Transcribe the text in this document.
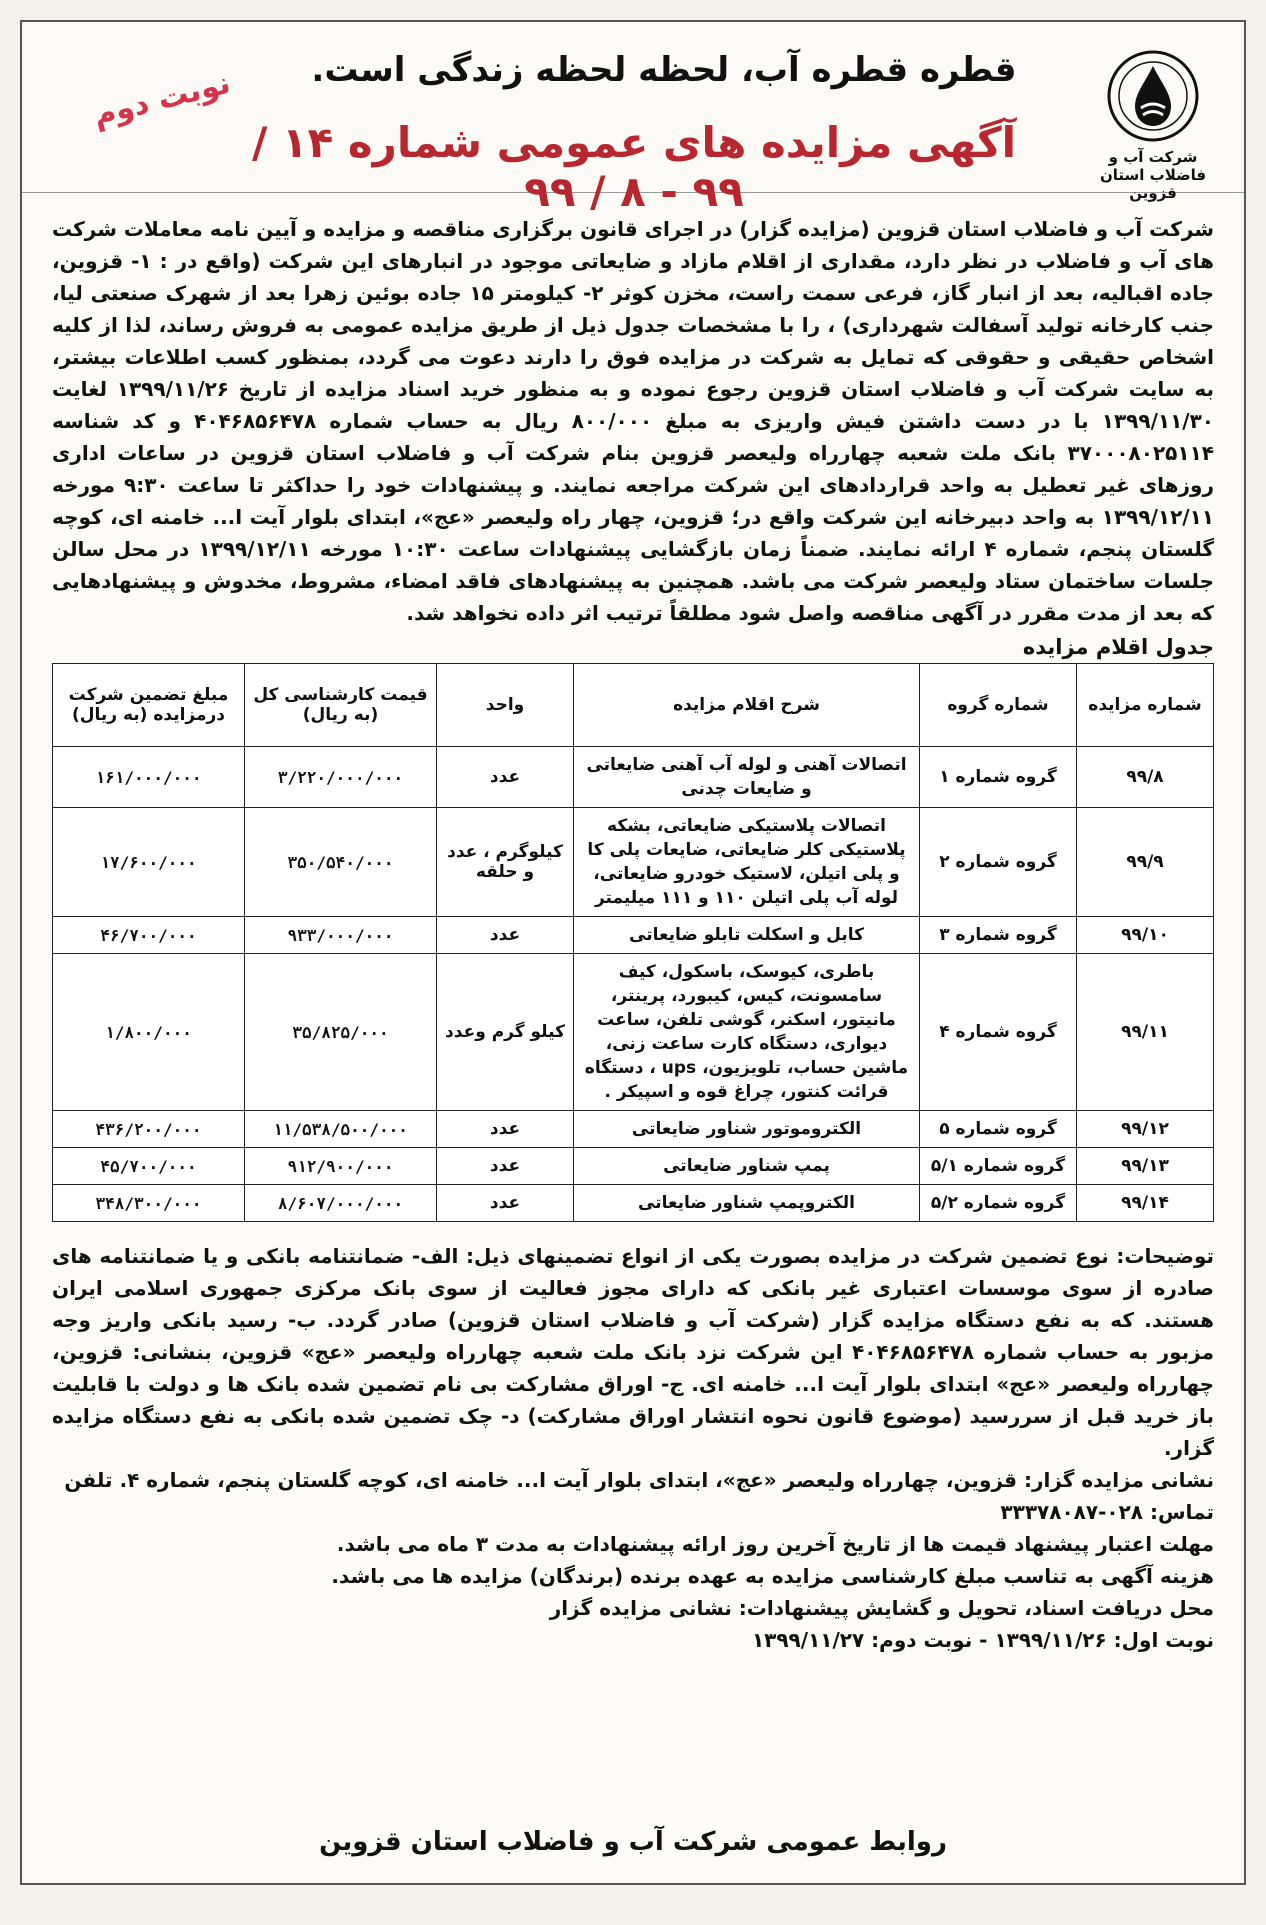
شرکت آب و فاضلاب استان قزوین
قطره قطره آب، لحظه لحظه زندگی است.
نوبت دوم
آگهی مزایده های عمومی شماره ۱۴ / ۹۹ - ۸ / ۹۹

شرکت آب و فاضلاب استان قزوین (مزایده گزار) در اجرای قانون برگزاری مناقصه و مزایده و آیین نامه معاملات شرکت های آب و فاضلاب در نظر دارد، مقداری از اقلام مازاد و ضایعاتی موجود در انبارهای این شرکت (واقع در : ۱- قزوین، جاده اقبالیه، بعد از انبار گاز، فرعی سمت راست، مخزن کوثر ۲- کیلومتر ۱۵ جاده بوئین زهرا بعد از شهرک صنعتی لیا، جنب کارخانه تولید آسفالت شهرداری) ، را با مشخصات جدول ذیل از طریق مزایده عمومی به فروش رساند، لذا از کلیه اشخاص حقیقی و حقوقی که تمایل به شرکت در مزایده فوق را دارند دعوت می گردد، بمنظور کسب اطلاعات بیشتر، به سایت شرکت آب و فاضلاب استان قزوین رجوع نموده و به منظور خرید اسناد مزایده از تاریخ ۱۳۹۹/۱۱/۲۶ لغایت ۱۳۹۹/۱۱/۳۰ با در دست داشتن فیش واریزی به مبلغ ۸۰۰/۰۰۰ ریال به حساب شماره ۴۰۴۶۸۵۶۴۷۸ و کد شناسه ۳۷۰۰۰۸۰۲۵۱۱۴ بانک ملت شعبه چهارراه ولیعصر قزوین بنام شرکت آب و فاضلاب استان قزوین در ساعات اداری روزهای غیر تعطیل به واحد قراردادهای این شرکت مراجعه نمایند. و پیشنهادات خود را حداکثر تا ساعت ۹:۳۰ مورخه ۱۳۹۹/۱۲/۱۱ به واحد دبیرخانه این شرکت واقع در؛ قزوین، چهار راه ولیعصر «عج»، ابتدای بلوار آیت ا... خامنه ای، کوچه گلستان پنجم، شماره ۴ ارائه نمایند. ضمناً زمان بازگشایی پیشنهادات ساعت ۱۰:۳۰ مورخه ۱۳۹۹/۱۲/۱۱ در محل سالن جلسات ساختمان ستاد ولیعصر شرکت می باشد. همچنین به پیشنهادهای فاقد امضاء، مشروط، مخدوش و پیشنهادهایی که بعد از مدت مقرر در آگهی مناقصه واصل شود مطلقاً ترتیب اثر داده نخواهد شد.

جدول اقلام مزایده
شماره مزایده	شماره گروه	شرح اقلام مزایده	واحد	قیمت کارشناسی کل (به ریال)	مبلغ تضمین شرکت درمزایده (به ریال)
۹۹/۸	گروه شماره ۱	اتصالات آهنی و لوله آب آهنی ضایعاتی و ضایعات چدنی	عدد	۳/۲۲۰/۰۰۰/۰۰۰	۱۶۱/۰۰۰/۰۰۰
۹۹/۹	گروه شماره ۲	اتصالات پلاستیکی ضایعاتی، بشکه پلاستیکی کلر ضایعاتی، ضایعات پلی کا و پلی اتیلن، لاستیک خودرو ضایعاتی، لوله آب پلی اتیلن ۱۱۰ و ۱۱۱ میلیمتر	کیلوگرم ، عدد و حلقه	۳۵۰/۵۴۰/۰۰۰	۱۷/۶۰۰/۰۰۰
۹۹/۱۰	گروه شماره ۳	کابل و اسکلت تابلو ضایعاتی	عدد	۹۳۳/۰۰۰/۰۰۰	۴۶/۷۰۰/۰۰۰
۹۹/۱۱	گروه شماره ۴	باطری، کیوسک، باسکول، کیف سامسونت، کیس، کیبورد، پرینتر، مانیتور، اسکنر، گوشی تلفن، ساعت دیواری، دستگاه کارت ساعت زنی، ماشین حساب، تلویزیون، ups ، دستگاه قرائت کنتور، چراغ قوه و اسپیکر .	کیلو گرم وعدد	۳۵/۸۲۵/۰۰۰	۱/۸۰۰/۰۰۰
۹۹/۱۲	گروه شماره ۵	الکتروموتور شناور ضایعاتی	عدد	۱۱/۵۳۸/۵۰۰/۰۰۰	۴۳۶/۲۰۰/۰۰۰
۹۹/۱۳	گروه شماره ۵/۱	پمپ شناور ضایعاتی	عدد	۹۱۲/۹۰۰/۰۰۰	۴۵/۷۰۰/۰۰۰
۹۹/۱۴	گروه شماره ۵/۲	الکتروپمپ شناور ضایعاتی	عدد	۸/۶۰۷/۰۰۰/۰۰۰	۳۴۸/۳۰۰/۰۰۰

توضیحات: نوع تضمین شرکت در مزایده بصورت یکی از انواع تضمینهای ذیل: الف- ضمانتنامه بانکی و یا ضمانتنامه های صادره از سوی موسسات اعتباری غیر بانکی که دارای مجوز فعالیت از سوی بانک مرکزی جمهوری اسلامی ایران هستند. که به نفع دستگاه مزایده گزار (شرکت آب و فاضلاب استان قزوین) صادر گردد. ب- رسید بانکی واریز وجه مزبور به حساب شماره ۴۰۴۶۸۵۶۴۷۸ این شرکت نزد بانک ملت شعبه چهارراه ولیعصر «عج» قزوین، بنشانی: قزوین، چهارراه ولیعصر «عج» ابتدای بلوار آیت ا... خامنه ای. ج- اوراق مشارکت بی نام تضمین شده بانک ها و دولت با قابلیت باز خرید قبل از سررسید (موضوع قانون نحوه انتشار اوراق مشارکت) د- چک تضمین شده بانکی به نفع دستگاه مزایده گزار.

نشانی مزایده گزار: قزوین، چهارراه ولیعصر «عج»، ابتدای بلوار آیت ا... خامنه ای، کوچه گلستان پنجم، شماره ۴. تلفن تماس: ۰۲۸-۳۳۳۷۸۰۸۷

مهلت اعتبار پیشنهاد قیمت ها از تاریخ آخرین روز ارائه پیشنهادات به مدت ۳ ماه می باشد.

هزینه آگهی به تناسب مبلغ کارشناسی مزایده به عهده برنده (برندگان) مزایده ها می باشد.

محل دریافت اسناد، تحویل و گشایش پیشنهادات: نشانی مزایده گزار

نوبت اول: ۱۳۹۹/۱۱/۲۶ - نوبت دوم: ۱۳۹۹/۱۱/۲۷

روابط عمومی شرکت آب و فاضلاب استان قزوین
